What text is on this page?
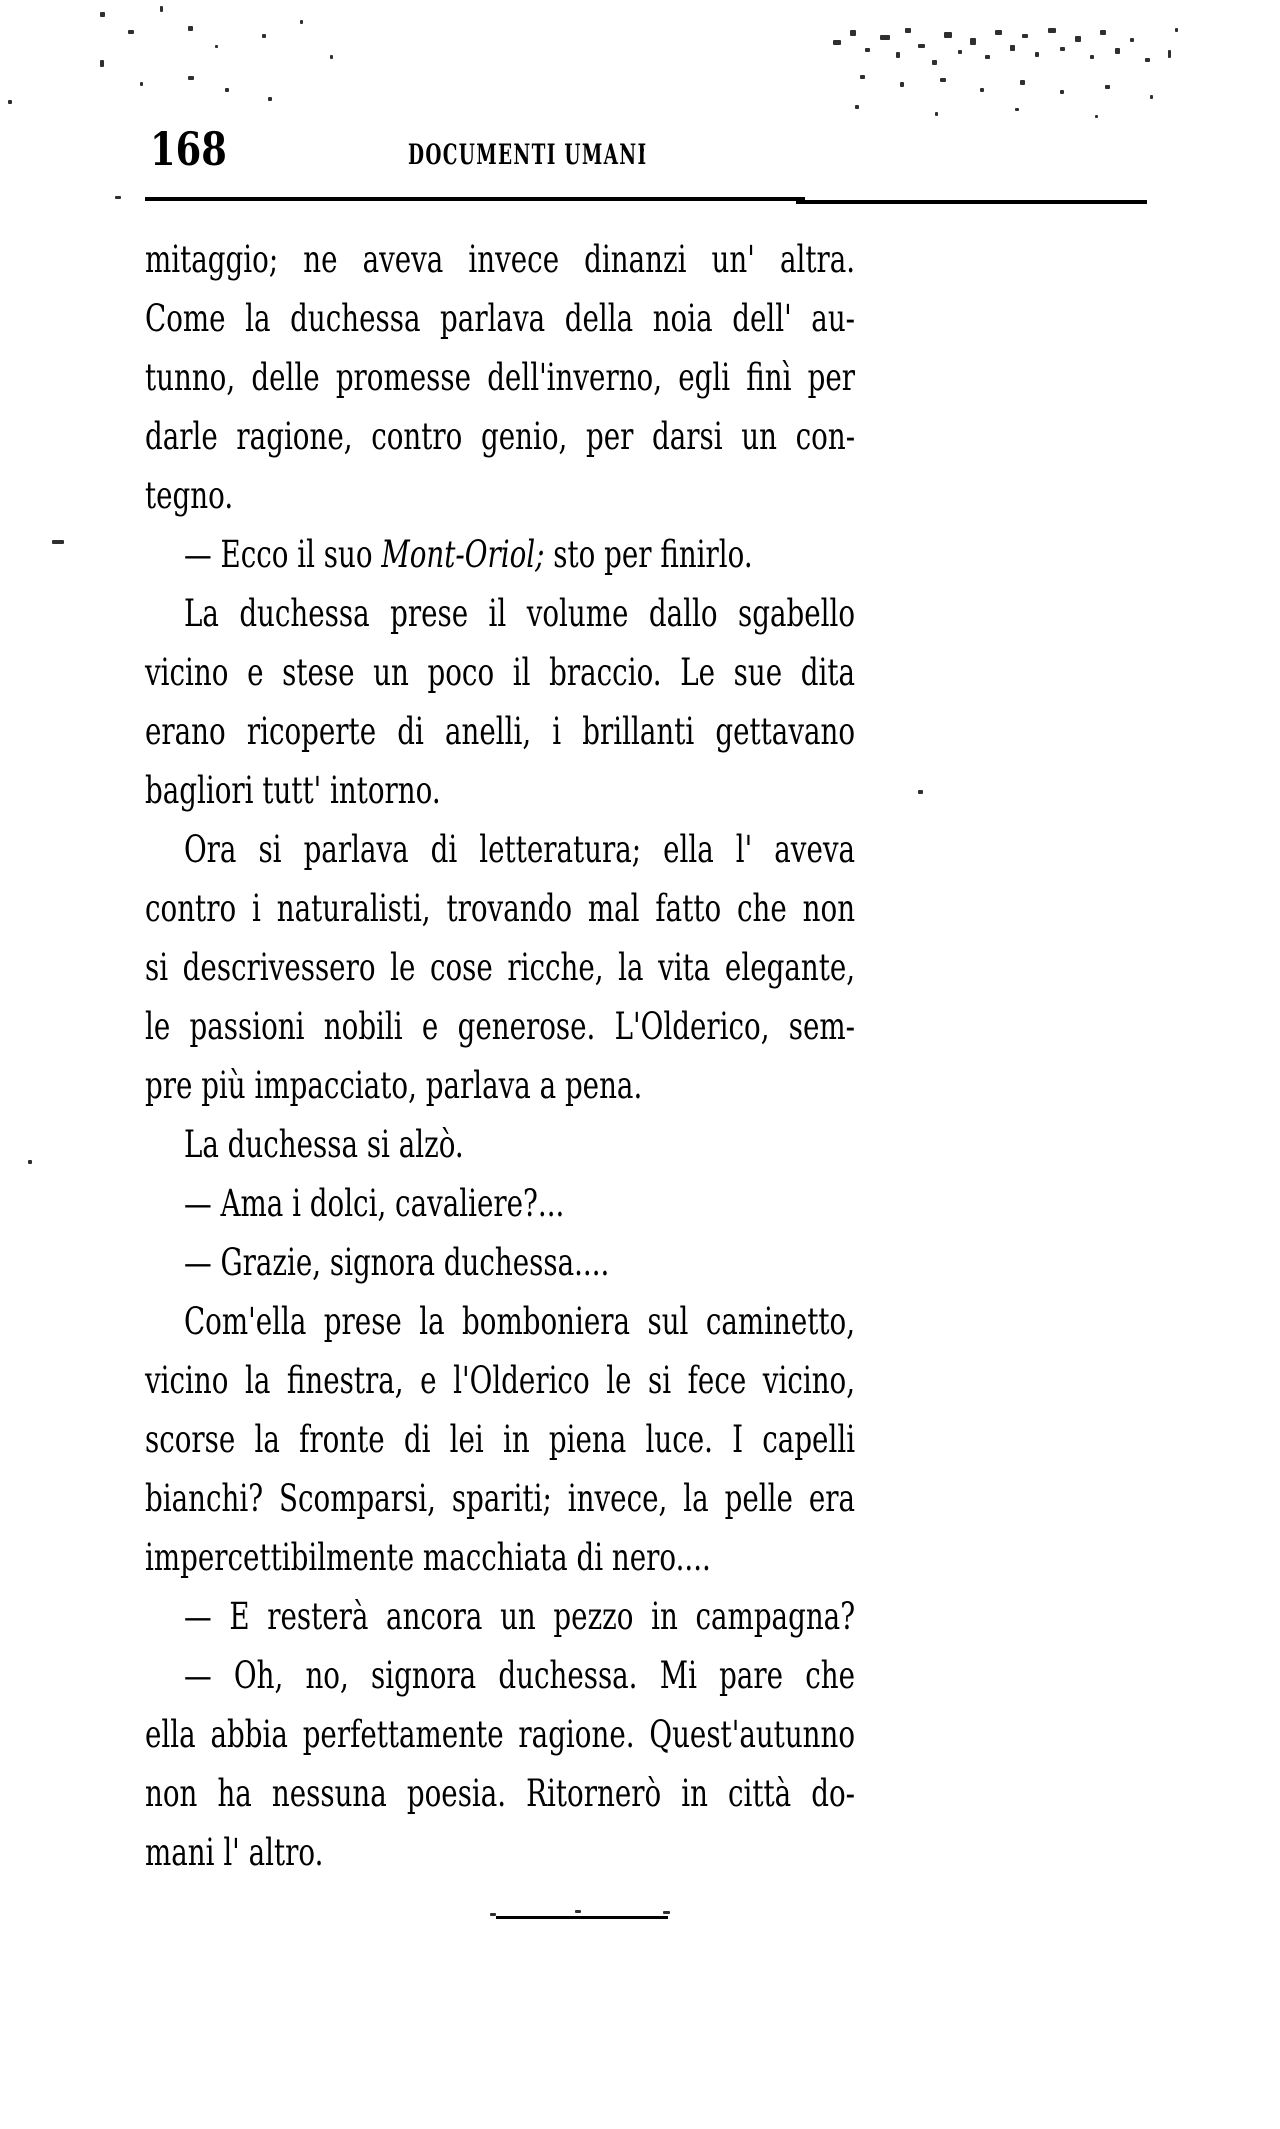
168	DOCUMENTI UMANI
mitaggio; ne aveva invece dinanzi un' altra.
Come la duchessa parlava della noia dell' au-
tunno, delle promesse dell'inverno, egli finì per
darle ragione, contro genio, per darsi un con-
tegno.
— Ecco il suo Mont-Oriol; sto per finirlo.
La duchessa prese il volume dallo sgabello
vicino e stese un poco il braccio. Le sue dita
erano ricoperte di anelli, i brillanti gettavano
bagliori tutt' intorno.
Ora si parlava di letteratura; ella l' aveva
contro i naturalisti, trovando mal fatto che non
si descrivessero le cose ricche, la vita elegante,
le passioni nobili e generose. L'Olderico, sem-
pre più impacciato, parlava a pena.
La duchessa si alzò.
— Ama i dolci, cavaliere?...
— Grazie, signora duchessa....
Com'ella prese la bomboniera sul caminetto,
vicino la finestra, e l'Olderico le si fece vicino,
scorse la fronte di lei in piena luce. I capelli
bianchi? Scomparsi, spariti; invece, la pelle era
impercettibilmente macchiata di nero....
— E resterà ancora un pezzo in campagna?
— Oh, no, signora duchessa. Mi pare che
ella abbia perfettamente ragione. Quest'autunno
non ha nessuna poesia. Ritornerò in città do-
mani l' altro.
